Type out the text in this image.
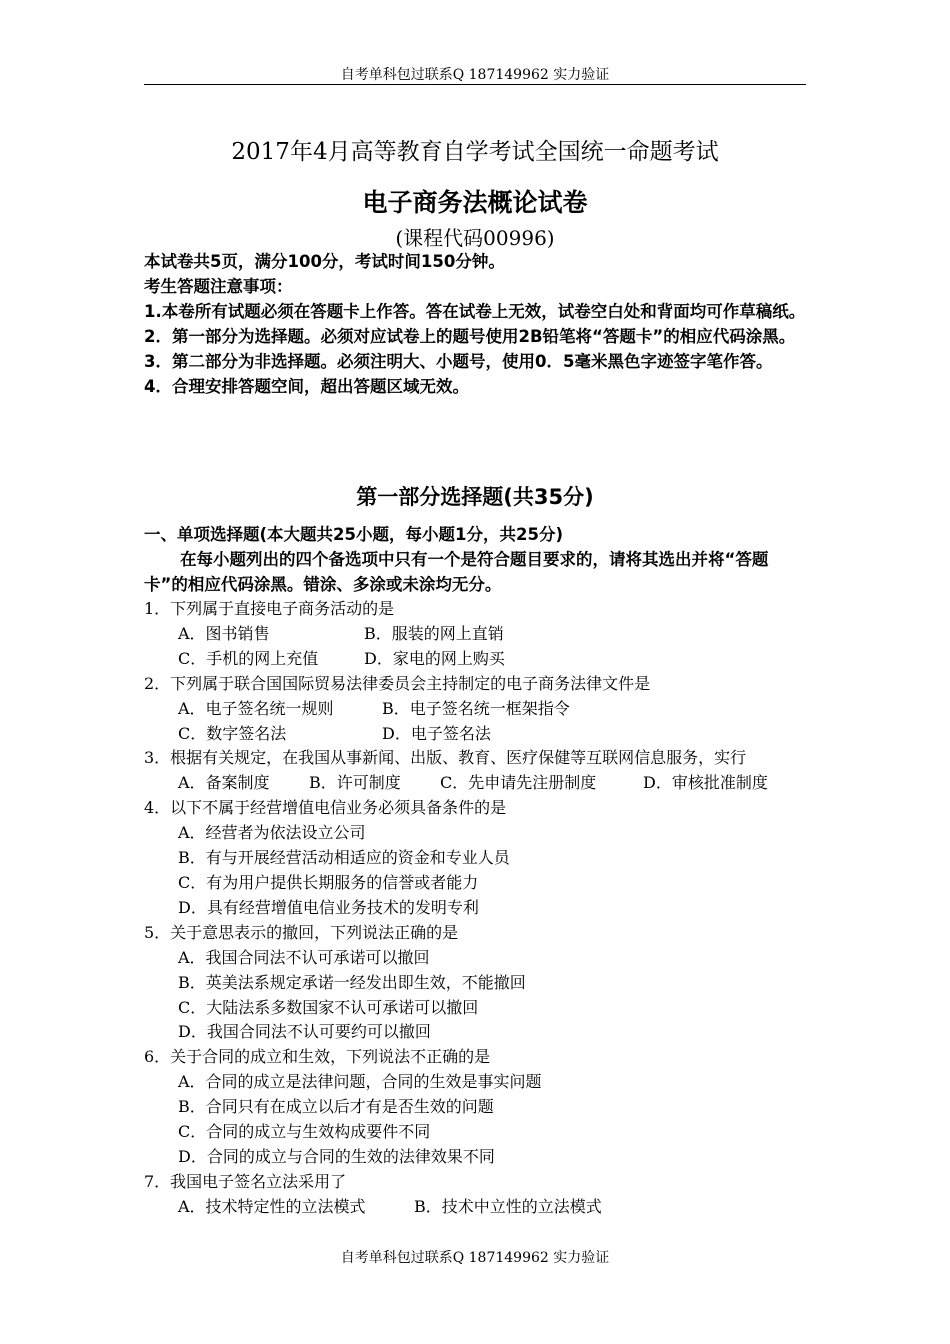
自考单科包过联系Q 187149962 实力验证
2017年4月高等教育自学考试全国统一命题考试
电子商务法概论试卷
(课程代码00996)

本试卷共5页，满分100分，考试时间150分钟。

考生答题注意事项：

1.本卷所有试题必须在答题卡上作答。答在试卷上无效，试卷空白处和背面均可作草稿纸。

2．第一部分为选择题。必须对应试卷上的题号使用2B铅笔将“答题卡”的相应代码涂黑。

3．第二部分为非选择题。必须注明大、小题号，使用0．5毫米黑色字迹签字笔作答。

4．合理安排答题空间，超出答题区域无效。

第一部分选择题(共35分)

一、单项选择题(本大题共25小题，每小题1分，共25分)

在每小题列出的四个备选项中只有一个是符合题目要求的，请将其选出并将“答题卡”的相应代码涂黑。错涂、多涂或未涂均无分。

1．下列属于直接电子商务活动的是

A．图书销售	B．服装的网上直销

C．手机的网上充值	D．家电的网上购买

2．下列属于联合国国际贸易法律委员会主持制定的电子商务法律文件是

A．电子签名统一规则	B．电子签名统一框架指令

C．数字签名法	D．电子签名法

3．根据有关规定，在我国从事新闻、出版、教育、医疗保健等互联网信息服务，实行

A．备案制度 B．许可制度 C．先申请先注册制度	D．审核批准制度

4．以下不属于经营增值电信业务必须具备条件的是

A．经营者为依法设立公司

B．有与开展经营活动相适应的资金和专业人员

C．有为用户提供长期服务的信誉或者能力

D．具有经营增值电信业务技术的发明专利

5．关于意思表示的撤回，下列说法正确的是

A．我国合同法不认可承诺可以撤回

B．英美法系规定承诺一经发出即生效，不能撤回

C．大陆法系多数国家不认可承诺可以撤回

D．我国合同法不认可要约可以撤回

6．关于合同的成立和生效，下列说法不正确的是

A．合同的成立是法律问题，合同的生效是事实问题

B．合同只有在成立以后才有是否生效的问题

C．合同的成立与生效构成要件不同

D．合同的成立与合同的生效的法律效果不同

7．我国电子签名立法采用了

A．技术特定性的立法模式	B．技术中立性的立法模式

自考单科包过联系Q 187149962 实力验证
